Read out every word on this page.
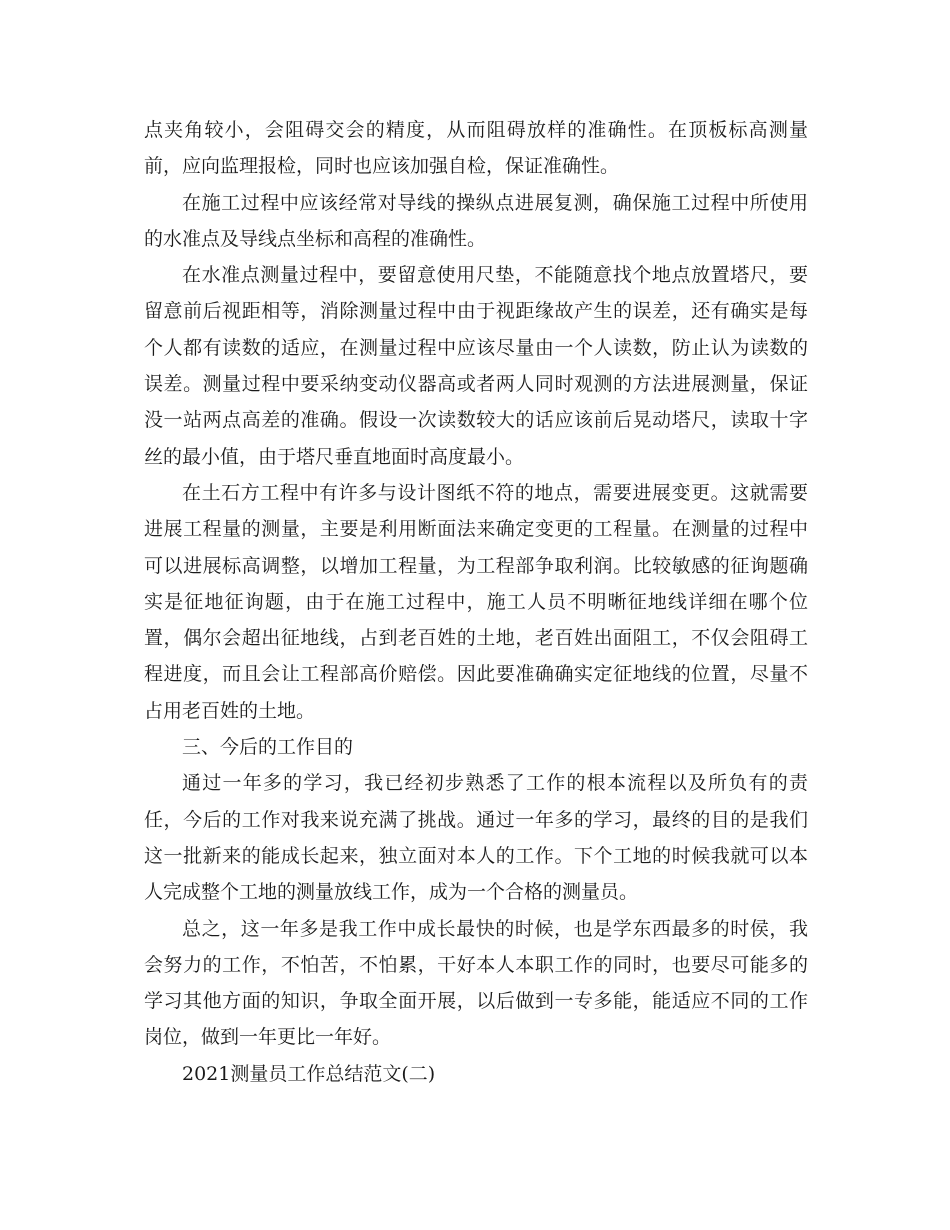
点夹角较小，会阻碍交会的精度，从而阻碍放样的准确性。在顶板标高测量前，应向监理报检，同时也应该加强自检，保证准确性。

在施工过程中应该经常对导线的操纵点进展复测，确保施工过程中所使用的水准点及导线点坐标和高程的准确性。

在水准点测量过程中，要留意使用尺垫，不能随意找个地点放置塔尺，要留意前后视距相等，消除测量过程中由于视距缘故产生的误差，还有确实是每个人都有读数的适应，在测量过程中应该尽量由一个人读数，防止认为读数的误差。测量过程中要采纳变动仪器高或者两人同时观测的方法进展测量，保证没一站两点高差的准确。假设一次读数较大的话应该前后晃动塔尺，读取十字丝的最小值，由于塔尺垂直地面时高度最小。

在土石方工程中有许多与设计图纸不符的地点，需要进展变更。这就需要进展工程量的测量，主要是利用断面法来确定变更的工程量。在测量的过程中可以进展标高调整，以增加工程量，为工程部争取利润。比较敏感的征询题确实是征地征询题，由于在施工过程中，施工人员不明晰征地线详细在哪个位置，偶尔会超出征地线，占到老百姓的土地，老百姓出面阻工，不仅会阻碍工程进度，而且会让工程部高价赔偿。因此要准确确实定征地线的位置，尽量不占用老百姓的土地。

三、今后的工作目的

通过一年多的学习，我已经初步熟悉了工作的根本流程以及所负有的责任，今后的工作对我来说充满了挑战。通过一年多的学习，最终的目的是我们这一批新来的能成长起来，独立面对本人的工作。下个工地的时候我就可以本人完成整个工地的测量放线工作，成为一个合格的测量员。

总之，这一年多是我工作中成长最快的时候，也是学东西最多的时侯，我会努力的工作，不怕苦，不怕累，干好本人本职工作的同时，也要尽可能多的学习其他方面的知识，争取全面开展，以后做到一专多能，能适应不同的工作岗位，做到一年更比一年好。

2021测量员工作总结范文(二)
